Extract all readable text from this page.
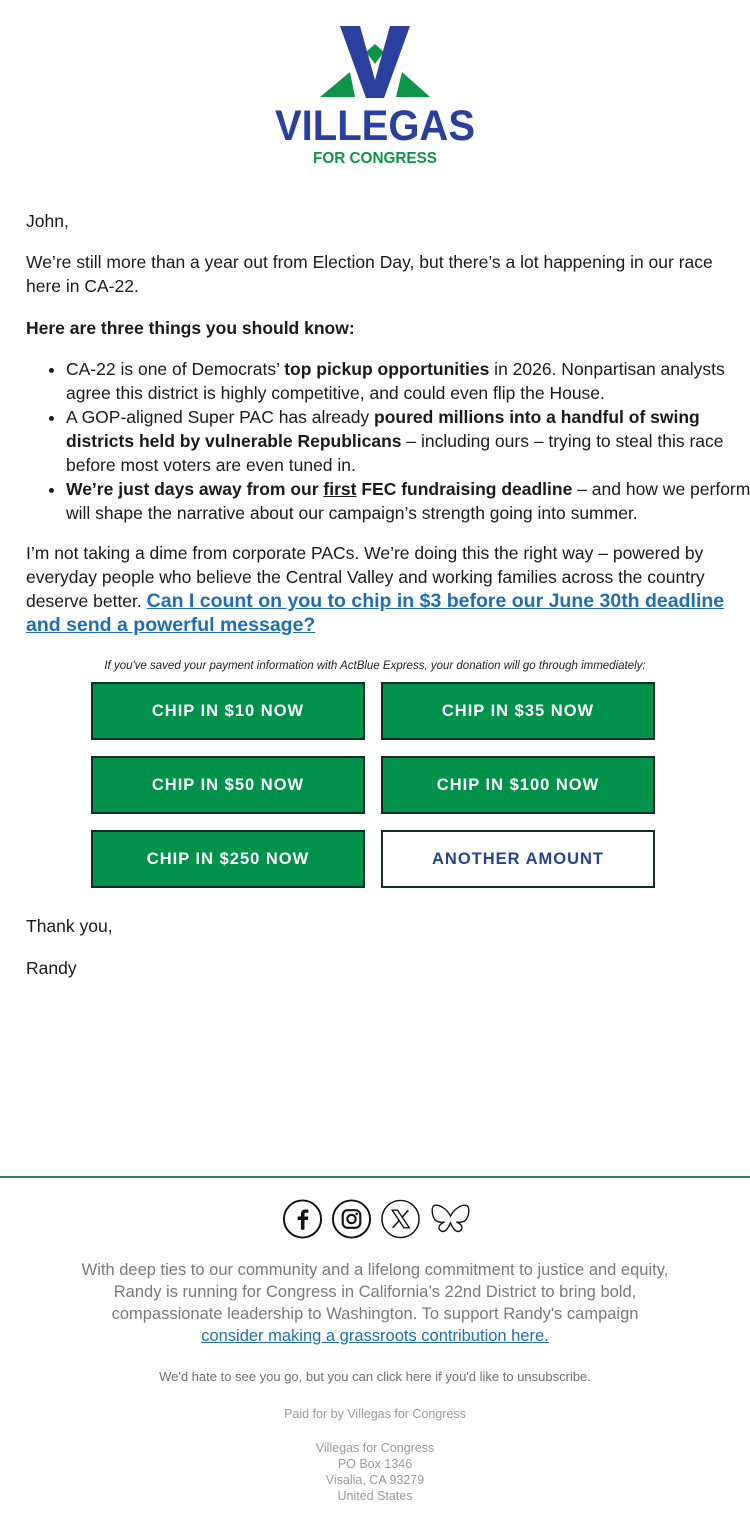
VILLEGAS
FOR CONGRESS
John,
We’re still more than a year out from Election Day, but there’s a lot happening in our race here in CA-22.
Here are three things you should know:
• CA-22 is one of Democrats’ top pickup opportunities in 2026. Nonpartisan analysts agree this district is highly competitive, and could even flip the House.
• A GOP-aligned Super PAC has already poured millions into a handful of swing districts held by vulnerable Republicans – including ours – trying to steal this race before most voters are even tuned in.
• We’re just days away from our first FEC fundraising deadline – and how we perform will shape the narrative about our campaign’s strength going into summer.
I’m not taking a dime from corporate PACs. We’re doing this the right way – powered by everyday people who believe the Central Valley and working families across the country deserve better. Can I count on you to chip in $3 before our June 30th deadline and send a powerful message?
If you've saved your payment information with ActBlue Express, your donation will go through immediately:
CHIP IN $10 NOW	CHIP IN $35 NOW
CHIP IN $50 NOW	CHIP IN $100 NOW
CHIP IN $250 NOW	ANOTHER AMOUNT
Thank you,
Randy
With deep ties to our community and a lifelong commitment to justice and equity, Randy is running for Congress in California’s 22nd District to bring bold, compassionate leadership to Washington. To support Randy's campaign consider making a grassroots contribution here.
We'd hate to see you go, but you can click here if you'd like to unsubscribe.
Paid for by Villegas for Congress
Villegas for Congress
PO Box 1346
Visalia, CA 93279
United States
